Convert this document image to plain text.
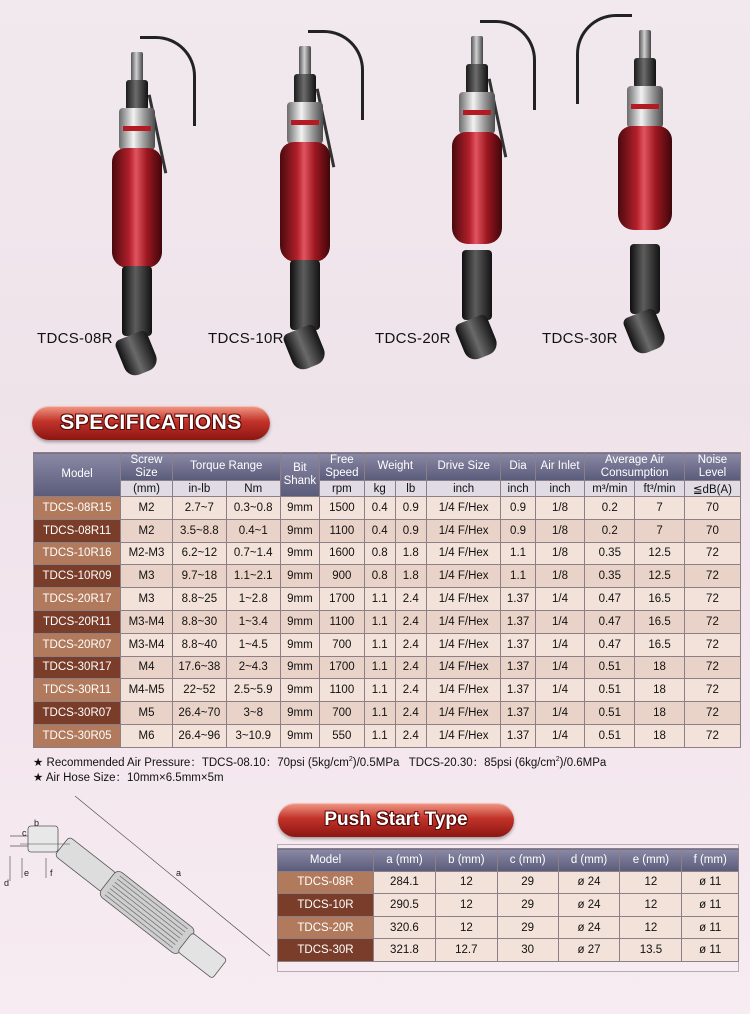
TDCS-08R	TDCS-10R	TDCS-20R	TDCS-30R
SPECIFICATIONS
Model	Screw Size	Torque Range		Bit Shank	Free Speed	Weight		Drive Size	Dia	Air Inlet	Average Air Consumption		Noise Level
	(mm)	in-lb	Nm		rpm	kg	lb	inch	inch	inch	m³/min	ft³/min	≦dB(A)
TDCS-08R15	M2	2.7~7	0.3~0.8	9mm	1500	0.4	0.9	1/4 F/Hex	0.9	1/8	0.2	7	70
TDCS-08R11	M2	3.5~8.8	0.4~1	9mm	1100	0.4	0.9	1/4 F/Hex	0.9	1/8	0.2	7	70
TDCS-10R16	M2-M3	6.2~12	0.7~1.4	9mm	1600	0.8	1.8	1/4 F/Hex	1.1	1/8	0.35	12.5	72
TDCS-10R09	M3	9.7~18	1.1~2.1	9mm	900	0.8	1.8	1/4 F/Hex	1.1	1/8	0.35	12.5	72
TDCS-20R17	M3	8.8~25	1~2.8	9mm	1700	1.1	2.4	1/4 F/Hex	1.37	1/4	0.47	16.5	72
TDCS-20R11	M3-M4	8.8~30	1~3.4	9mm	1100	1.1	2.4	1/4 F/Hex	1.37	1/4	0.47	16.5	72
TDCS-20R07	M3-M4	8.8~40	1~4.5	9mm	700	1.1	2.4	1/4 F/Hex	1.37	1/4	0.47	16.5	72
TDCS-30R17	M4	17.6~38	2~4.3	9mm	1700	1.1	2.4	1/4 F/Hex	1.37	1/4	0.51	18	72
TDCS-30R11	M4-M5	22~52	2.5~5.9	9mm	1100	1.1	2.4	1/4 F/Hex	1.37	1/4	0.51	18	72
TDCS-30R07	M5	26.4~70	3~8	9mm	700	1.1	2.4	1/4 F/Hex	1.37	1/4	0.51	18	72
TDCS-30R05	M6	26.4~96	3~10.9	9mm	550	1.1	2.4	1/4 F/Hex	1.37	1/4	0.51	18	72
★ Recommended Air Pressure：TDCS-08.10：70psi $(5kg/cm^2)/0.5MPa$   TDCS-20.30：85psi $(6kg/cm^2)/0.6MPa$
★ Air Hose Size：10mm×6.5mm×5m
Push Start Type
a
b
c
d
e f
Model	a (mm)	b (mm)	c (mm)	d (mm)	e (mm)	f (mm)
TDCS-08R	284.1	12	29	ø 24	12	ø 11
TDCS-10R	290.5	12	29	ø 24	12	ø 11
TDCS-20R	320.6	12	29	ø 24	12	ø 11
TDCS-30R	321.8	12.7	30	ø 27	13.5	ø 11
